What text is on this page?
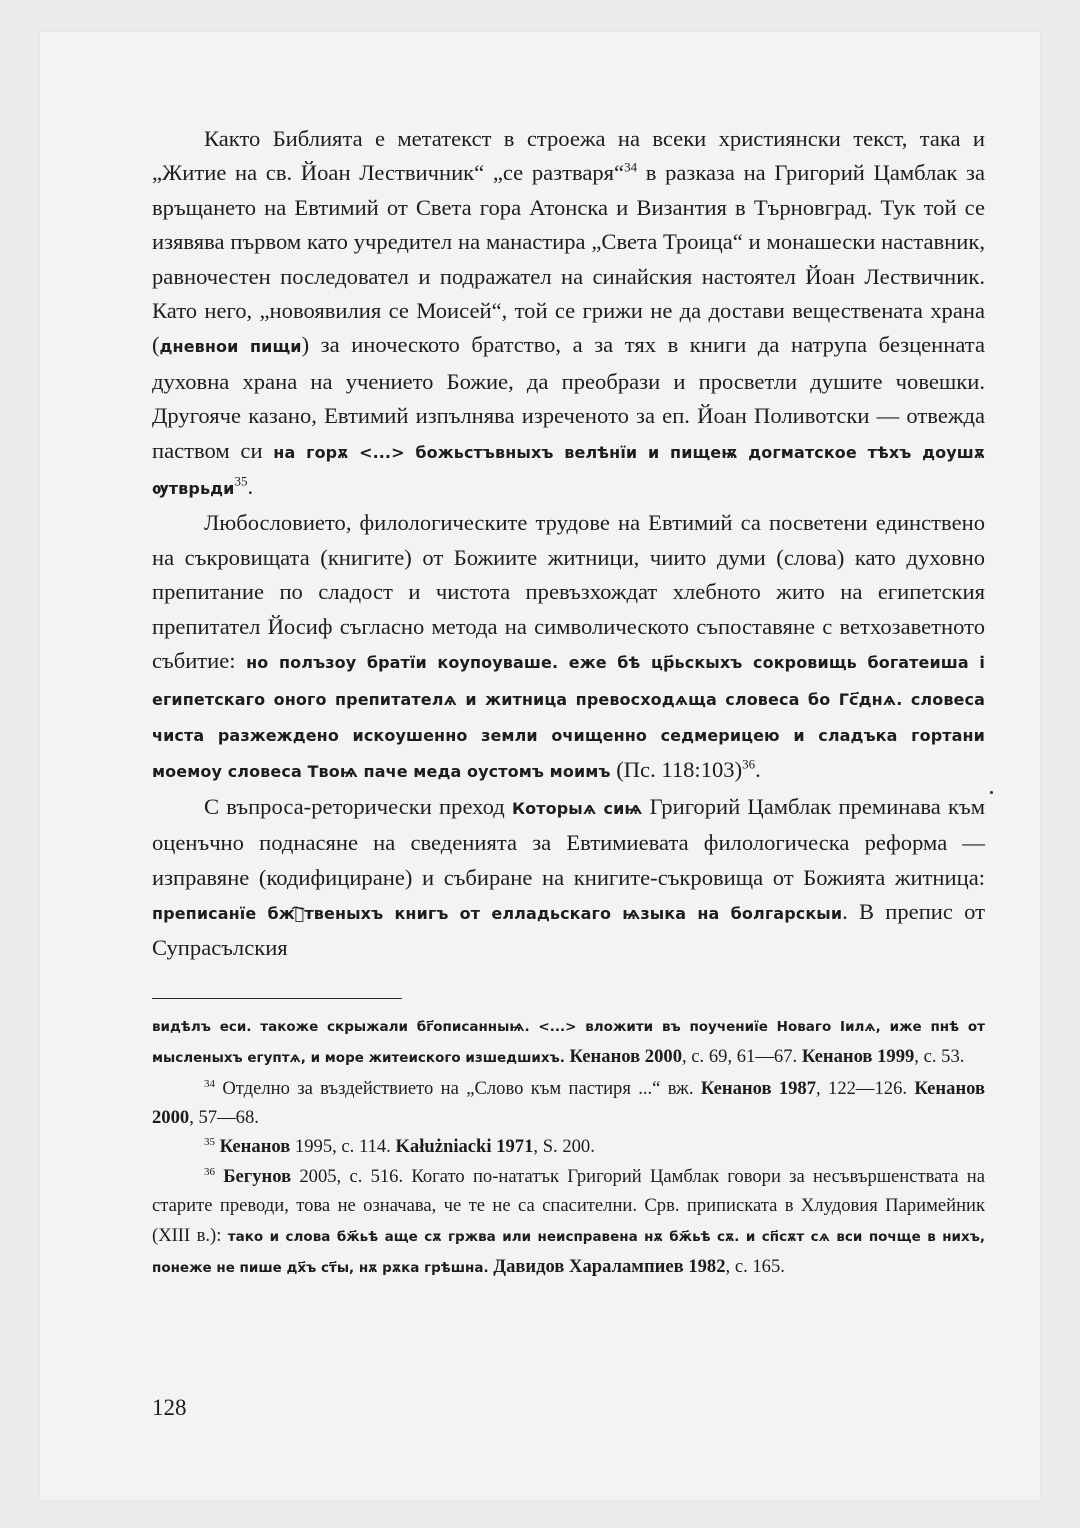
Както Библията е метатекст в строежа на всеки християнски текст, така и „Житие на св. Йоан Лествичник“ „се разтваря“$^{34}$ в разказа на Григорий Цамблак за връщането на Евтимий от Света гора Атонска и Византия в Търновград. Тук той се изявява първом като учредител на манастира „Света Троица“ и монашески наставник, равночестен последовател и подражател на синайския настоятел Йоан Лествичник. Като него, „новоявилия се Моисей“, той се грижи не да достави веществената храна (дневнои пищи) за иноческото братство, а за тях в книги да натрупа безценната духовна храна на учението Божие, да преобрази и просветли душите човешки. Другояче казано, Евтимий изпълнява изреченото за еп. Йоан Поливотски — отвежда паством си на горѫ <...> божьстъвныхъ велѣнїи и пищеѭ догматское тѣхъ доушѫ ѹтврьди$^{35}$.

Любословието, филологическите трудове на Евтимий са посветени единствено на съкровищата (книгите) от Божиите житници, чиито думи (слова) като духовно препитание по сладост и чистота превъзхождат хлебното жито на египетския препитател Йосиф съгласно метода на символическото съпоставяне с ветхозаветното събитие: но полъзоу братїи коупоуваше. еже бѣ цр҃ьскыхъ сокровищь богатеиша і египетскаго оного препитателѧ и житница превосходѧща словеса бо Гс҃днѧ. словеса чиста разжеждено искоушенно земли очищенно седмерицею и сладъка гортани моемоу словеса Твоѩ паче меда оустомъ моимъ (Пс. 118:103)$^{36}$.

С въпроса-реторически преход Которыѧ сиѩ Григорий Цамблак преминава към оценъчно поднасяне на сведенията за Евтимиевата филологическа реформа — изправяне (кодифициране) и събиране на книгите-съкровища от Божията житница: преписанїе бжⷭ҇твеныхъ книгъ от елладьскаго ѩзыка на болгарскыи. В препис от Супрасълския

видѣлъ еси. такоже скрыжали бг҃описанныѩ. <...> вложити въ поучениїе Новаго Іилѧ, иже пнѣ от мысленыхъ егуптѧ, и море житеиского изшедшихъ. Кенанов 2000, с. 69, 61—67. Кенанов 1999, с. 53.

$^{34}$ Отделно за въздействието на „Слово към пастиря ...“ вж. Кенанов 1987, 122—126. Кенанов 2000, 57—68.

$^{35}$ Кенанов 1995, с. 114. Kałużniacki 1971, S. 200.

$^{36}$ Бегунов 2005, с. 516. Когато по-нататък Григорий Цамблак говори за несъвършенствата на старите преводи, това не означава, че те не са спасителни. Срв. приписката в Хлудовия Паримейник (XIII в.): тако и слова бж҃ьѣ аще сѫ гржва или неисправена нѫ бж҃ьѣ сѫ. и сп҃сѫт сѧ вси почще в нихъ, понеже не пише дх҃ъ ст҃ы, нѫ рѫка грѣшна. Давидов Харалампиев 1982, с. 165.

128
